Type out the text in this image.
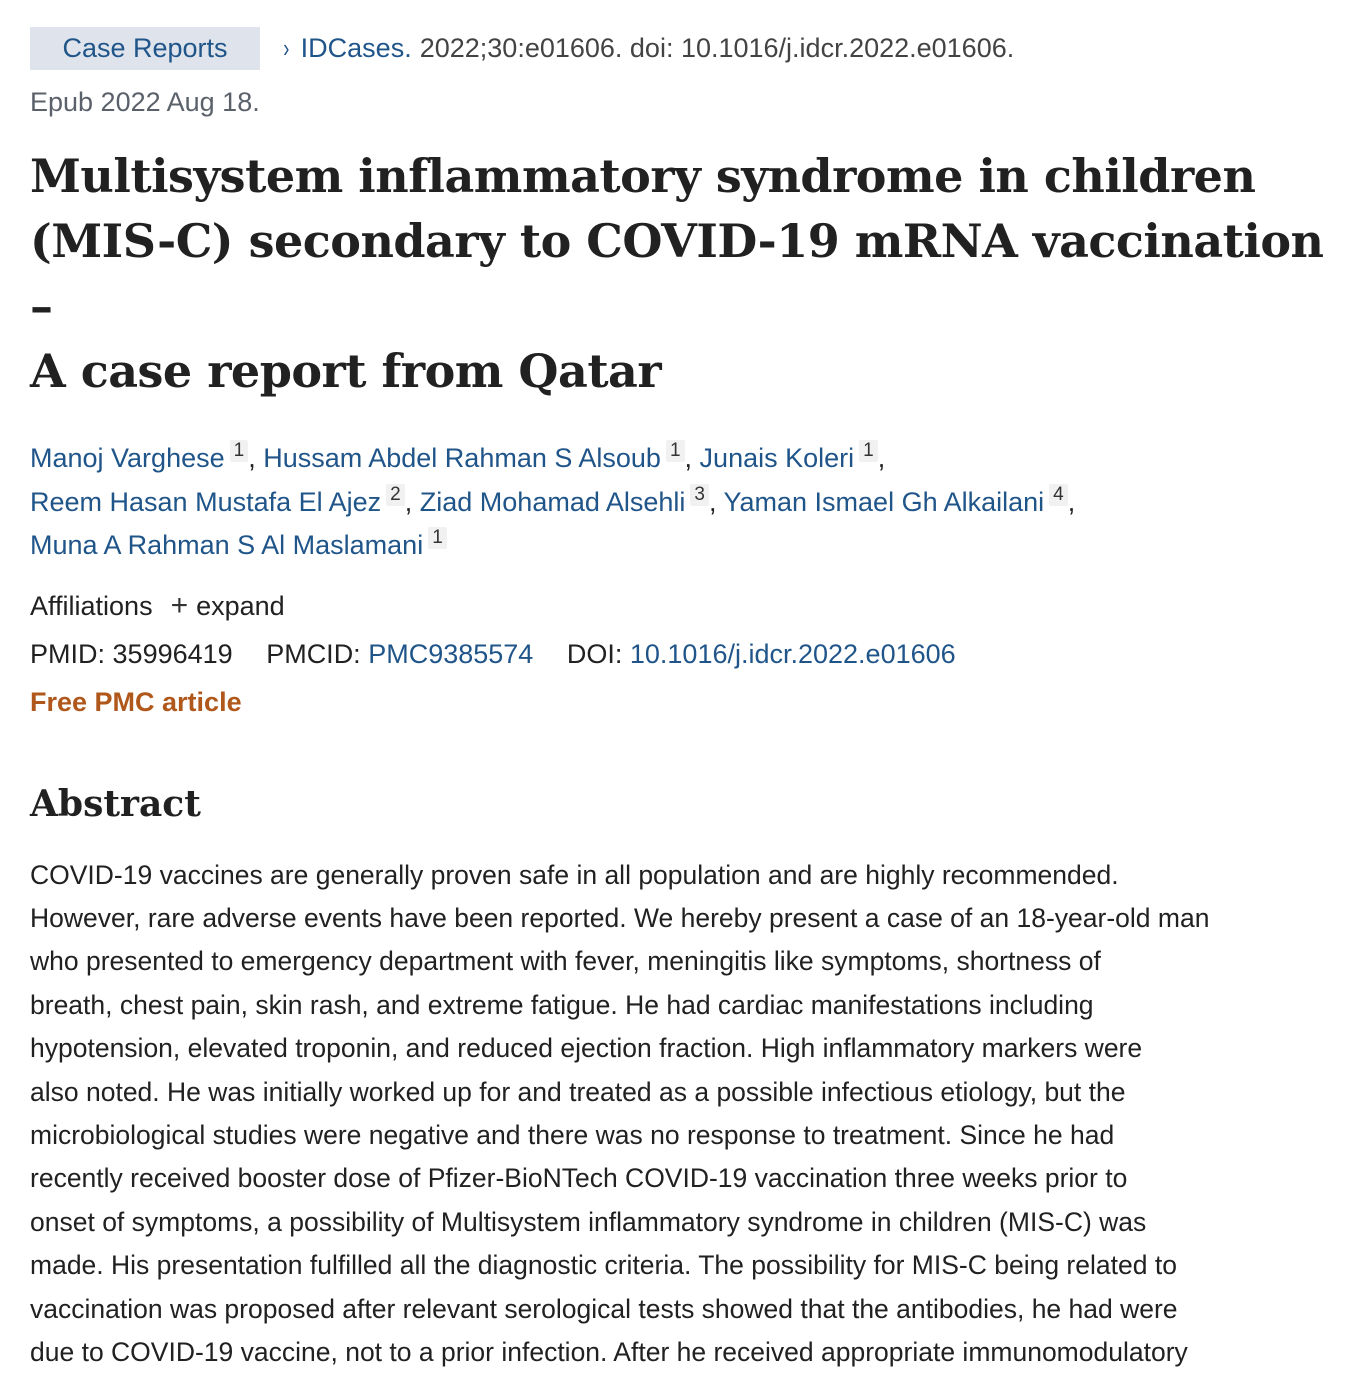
Case Reports	› IDCases. 2022;30:e01606. doi: 10.1016/j.idcr.2022.e01606.
Epub 2022 Aug 18.
Multisystem inflammatory syndrome in children
(MIS-C) secondary to COVID-19 mRNA vaccination –
A case report from Qatar
Manoj Varghese 1 , Hussam Abdel Rahman S Alsoub 1 , Junais Koleri 1 ,
Reem Hasan Mustafa El Ajez 2 , Ziad Mohamad Alsehli 3 , Yaman Ismael Gh Alkailani 4 ,
Muna A Rahman S Al Maslamani 1
Affiliations + expand
PMID: 35996419 PMCID: PMC9385574 DOI: 10.1016/j.idcr.2022.e01606
Free PMC article
Abstract
COVID-19 vaccines are generally proven safe in all population and are highly recommended.
However, rare adverse events have been reported. We hereby present a case of an 18-year-old man
who presented to emergency department with fever, meningitis like symptoms, shortness of
breath, chest pain, skin rash, and extreme fatigue. He had cardiac manifestations including
hypotension, elevated troponin, and reduced ejection fraction. High inflammatory markers were
also noted. He was initially worked up for and treated as a possible infectious etiology, but the
microbiological studies were negative and there was no response to treatment. Since he had
recently received booster dose of Pfizer-BioNTech COVID-19 vaccination three weeks prior to
onset of symptoms, a possibility of Multisystem inflammatory syndrome in children (MIS-C) was
made. His presentation fulfilled all the diagnostic criteria. The possibility for MIS-C being related to
vaccination was proposed after relevant serological tests showed that the antibodies, he had were
due to COVID-19 vaccine, not to a prior infection. After he received appropriate immunomodulatory
